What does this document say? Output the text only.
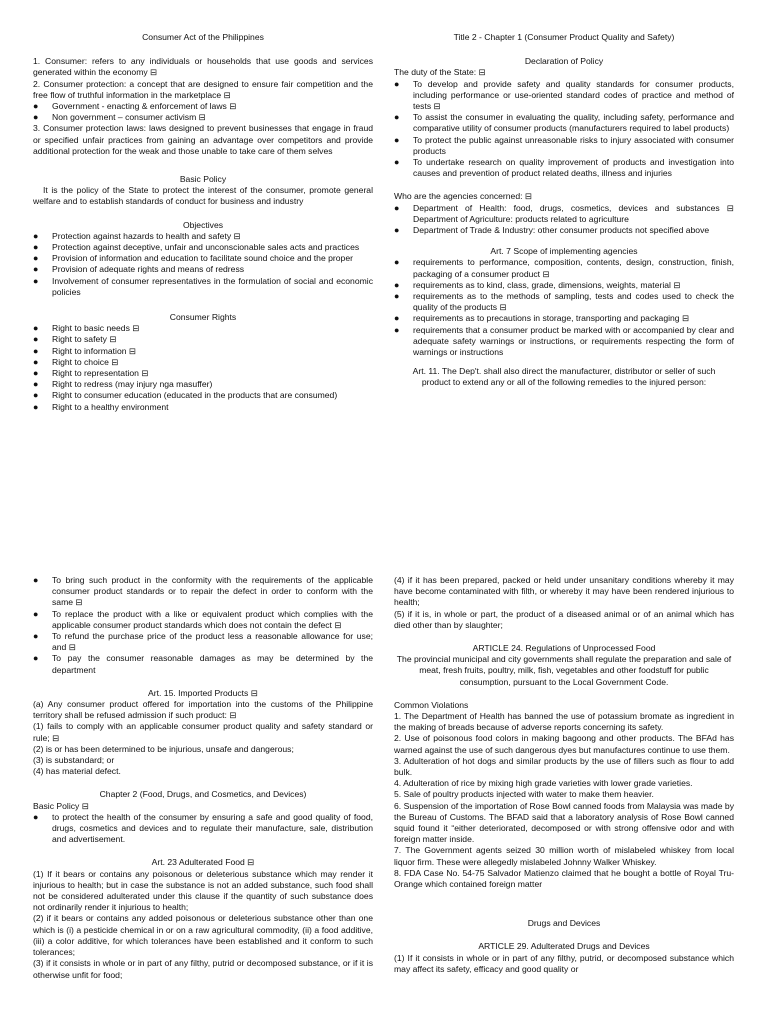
Consumer Act of the Philippines

1. Consumer: refers to any individuals or households that use goods and services generated within the economy ⊟

2. Consumer protection: a concept that are designed to ensure fair competition and the free flow of truthful information in the marketplace ⊟

● Government - enacting & enforcement of laws ⊟
● Non government – consumer activism ⊟

3. Consumer protection laws: laws designed to prevent businesses that engage in fraud or specified unfair practices from gaining an advantage over competitors and provide additional protection for the weak and those unable to take care of them selves

Basic Policy

It is the policy of the State to protect the interest of the consumer, promote general welfare and to establish standards of conduct for business and industry

Objectives
● Protection against hazards to health and safety ⊟
● Protection against deceptive, unfair and unconscionable sales acts and practices
● Provision of information and education to facilitate sound choice and the proper
● Provision of adequate rights and means of redress
● Involvement of consumer representatives in the formulation of social and economic policies
Consumer Rights
● Right to basic needs ⊟
● Right to safety ⊟
● Right to information ⊟
● Right to choice ⊟
● Right to representation ⊟
● Right to redress (may injury nga masuffer)
● Right to consumer education (educated in the products that are consumed)
● Right to a healthy environment
Title 2 - Chapter 1 (Consumer Product Quality and Safety)
Declaration of Policy

The duty of the State: ⊟

● To develop and provide safety and quality standards for consumer products, including performance or use-oriented standard codes of practice and method of tests ⊟
● To assist the consumer in evaluating the quality, including safety, performance and comparative utility of consumer products (manufacturers required to label products)
● To protect the public against unreasonable risks to injury associated with consumer products
● To undertake research on quality improvement of products and investigation into causes and prevention of product related deaths, illness and injuries

Who are the agencies concerned: ⊟

● Department of Health: food, drugs, cosmetics, devices and substances ⊟ Department of Agriculture: products related to agriculture
● Department of Trade & Industry: other consumer products not specified above
Art. 7 Scope of implementing agencies
● requirements to performance, composition, contents, design, construction, finish, packaging of a consumer product ⊟
● requirements as to kind, class, grade, dimensions, weights, material ⊟
● requirements as to the methods of sampling, tests and codes used to check the quality of the products ⊟
● requirements as to precautions in storage, transporting and packaging ⊟
● requirements that a consumer product be marked with or accompanied by clear and adequate safety warnings or instructions, or requirements respecting the form of warnings or instructions

Art. 11. The Dep't. shall also direct the manufacturer, distributor or seller of such product to extend any or all of the following remedies to the injured person:

● To bring such product in the conformity with the requirements of the applicable consumer product standards or to repair the defect in order to conform with the same ⊟
● To replace the product with a like or equivalent product which complies with the applicable consumer product standards which does not contain the defect ⊟
● To refund the purchase price of the product less a reasonable allowance for use; and ⊟
● To pay the consumer reasonable damages as may be determined by the department
Art. 15. Imported Products ⊟

(a) Any consumer product offered for importation into the customs of the Philippine territory shall be refused admission if such product: ⊟

(1) fails to comply with an applicable consumer product quality and safety standard or rule; ⊟

(2) is or has been determined to be injurious, unsafe and dangerous;

(3) is substandard; or

(4) has material defect.

Chapter 2 (Food, Drugs, and Cosmetics, and Devices)

Basic Policy ⊟

● to protect the health of the consumer by ensuring a safe and good quality of food, drugs, cosmetics and devices and to regulate their manufacture, sale, distribution and advertisement.
Art. 23 Adulterated Food ⊟

(1) If it bears or contains any poisonous or deleterious substance which may render it injurious to health; but in case the substance is not an added substance, such food shall not be considered adulterated under this clause if the quantity of such substance does not ordinarily render it injurious to health;

(2) if it bears or contains any added poisonous or deleterious substance other than one which is (i) a pesticide chemical in or on a raw agricultural commodity, (ii) a food additive, (iii) a color additive, for which tolerances have been established and it conform to such tolerances;

(3) if it consists in whole or in part of any filthy, putrid or decomposed substance, or if it is otherwise unfit for food;

(4) if it has been prepared, packed or held under unsanitary conditions whereby it may have become contaminated with filth, or whereby it may have been rendered injurious to health;

(5) if it is, in whole or part, the product of a diseased animal or of an animal which has died other than by slaughter;

ARTICLE 24. Regulations of Unprocessed Food

The provincial municipal and city governments shall regulate the preparation and sale of meat, fresh fruits, poultry, milk, fish, vegetables and other foodstuff for public consumption, pursuant to the Local Government Code.

Common Violations

1. The Department of Health has banned the use of potassium bromate as ingredient in the making of breads because of adverse reports concerning its safety.

2. Use of poisonous food colors in making bagoong and other products. The BFAd has warned against the use of such dangerous dyes but manufactures continue to use them.

3. Adulteration of hot dogs and similar products by the use of fillers such as flour to add bulk.

4. Adulteration of rice by mixing high grade varieties with lower grade varieties.

5. Sale of poultry products injected with water to make them heavier.

6. Suspension of the importation of Rose Bowl canned foods from Malaysia was made by the Bureau of Customs. The BFAD said that a laboratory analysis of Rose Bowl canned squid found it “either deteriorated, decomposed or with strong offensive odor and with foreign matter inside.

7. The Government agents seized 30 million worth of mislabeled whiskey from local liquor firm. These were allegedly mislabeled Johnny Walker Whiskey.

8. FDA Case No. 54-75 Salvador Matienzo claimed that he bought a bottle of Royal Tru-Orange which contained foreign matter

Drugs and Devices
ARTICLE 29. Adulterated Drugs and Devices

(1) If it consists in whole or in part of any filthy, putrid, or decomposed substance which may affect its safety, efficacy and good quality or
